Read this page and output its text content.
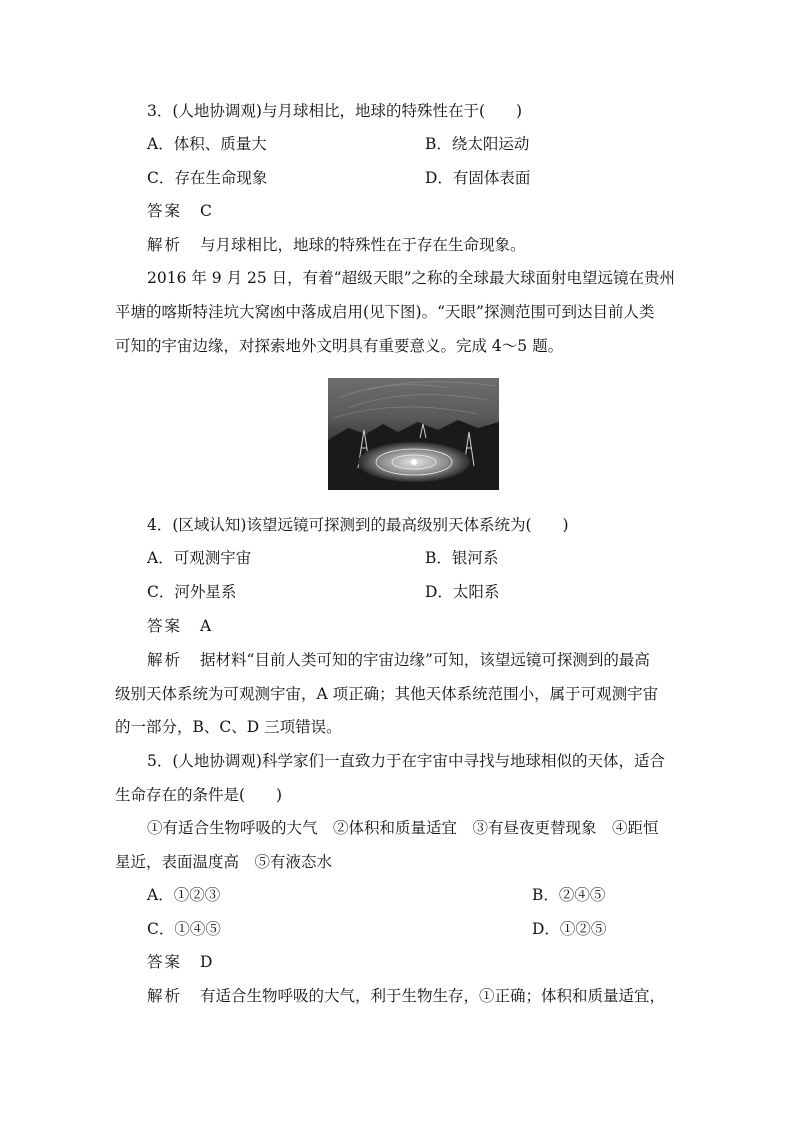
3．(人地协调观)与月球相比，地球的特殊性在于(　　)
A．体积、质量大	B．绕太阳运动
C．存在生命现象	D．有固体表面
答案 C
解析 与月球相比，地球的特殊性在于存在生命现象。
2016 年 9 月 25 日，有着“超级天眼”之称的全球最大球面射电望远镜在贵州
平塘的喀斯特洼坑大窝凼中落成启用(见下图)。“天眼”探测范围可到达目前人类
可知的宇宙边缘，对探索地外文明具有重要意义。完成 4～5 题。
4．(区域认知)该望远镜可探测到的最高级别天体系统为(　　)
A．可观测宇宙	B．银河系
C．河外星系	D．太阳系
答案 A
解析 据材料“目前人类可知的宇宙边缘”可知，该望远镜可探测到的最高
级别天体系统为可观测宇宙，A 项正确；其他天体系统范围小，属于可观测宇宙
的一部分，B、C、D 三项错误。
5．(人地协调观)科学家们一直致力于在宇宙中寻找与地球相似的天体，适合
生命存在的条件是(　　)
①有适合生物呼吸的大气　②体积和质量适宜　③有昼夜更替现象　④距恒
星近，表面温度高　⑤有液态水
A．①②③	B．②④⑤
C．①④⑤	D．①②⑤
答案 D
解析 有适合生物呼吸的大气，利于生物生存，①正确；体积和质量适宜，
